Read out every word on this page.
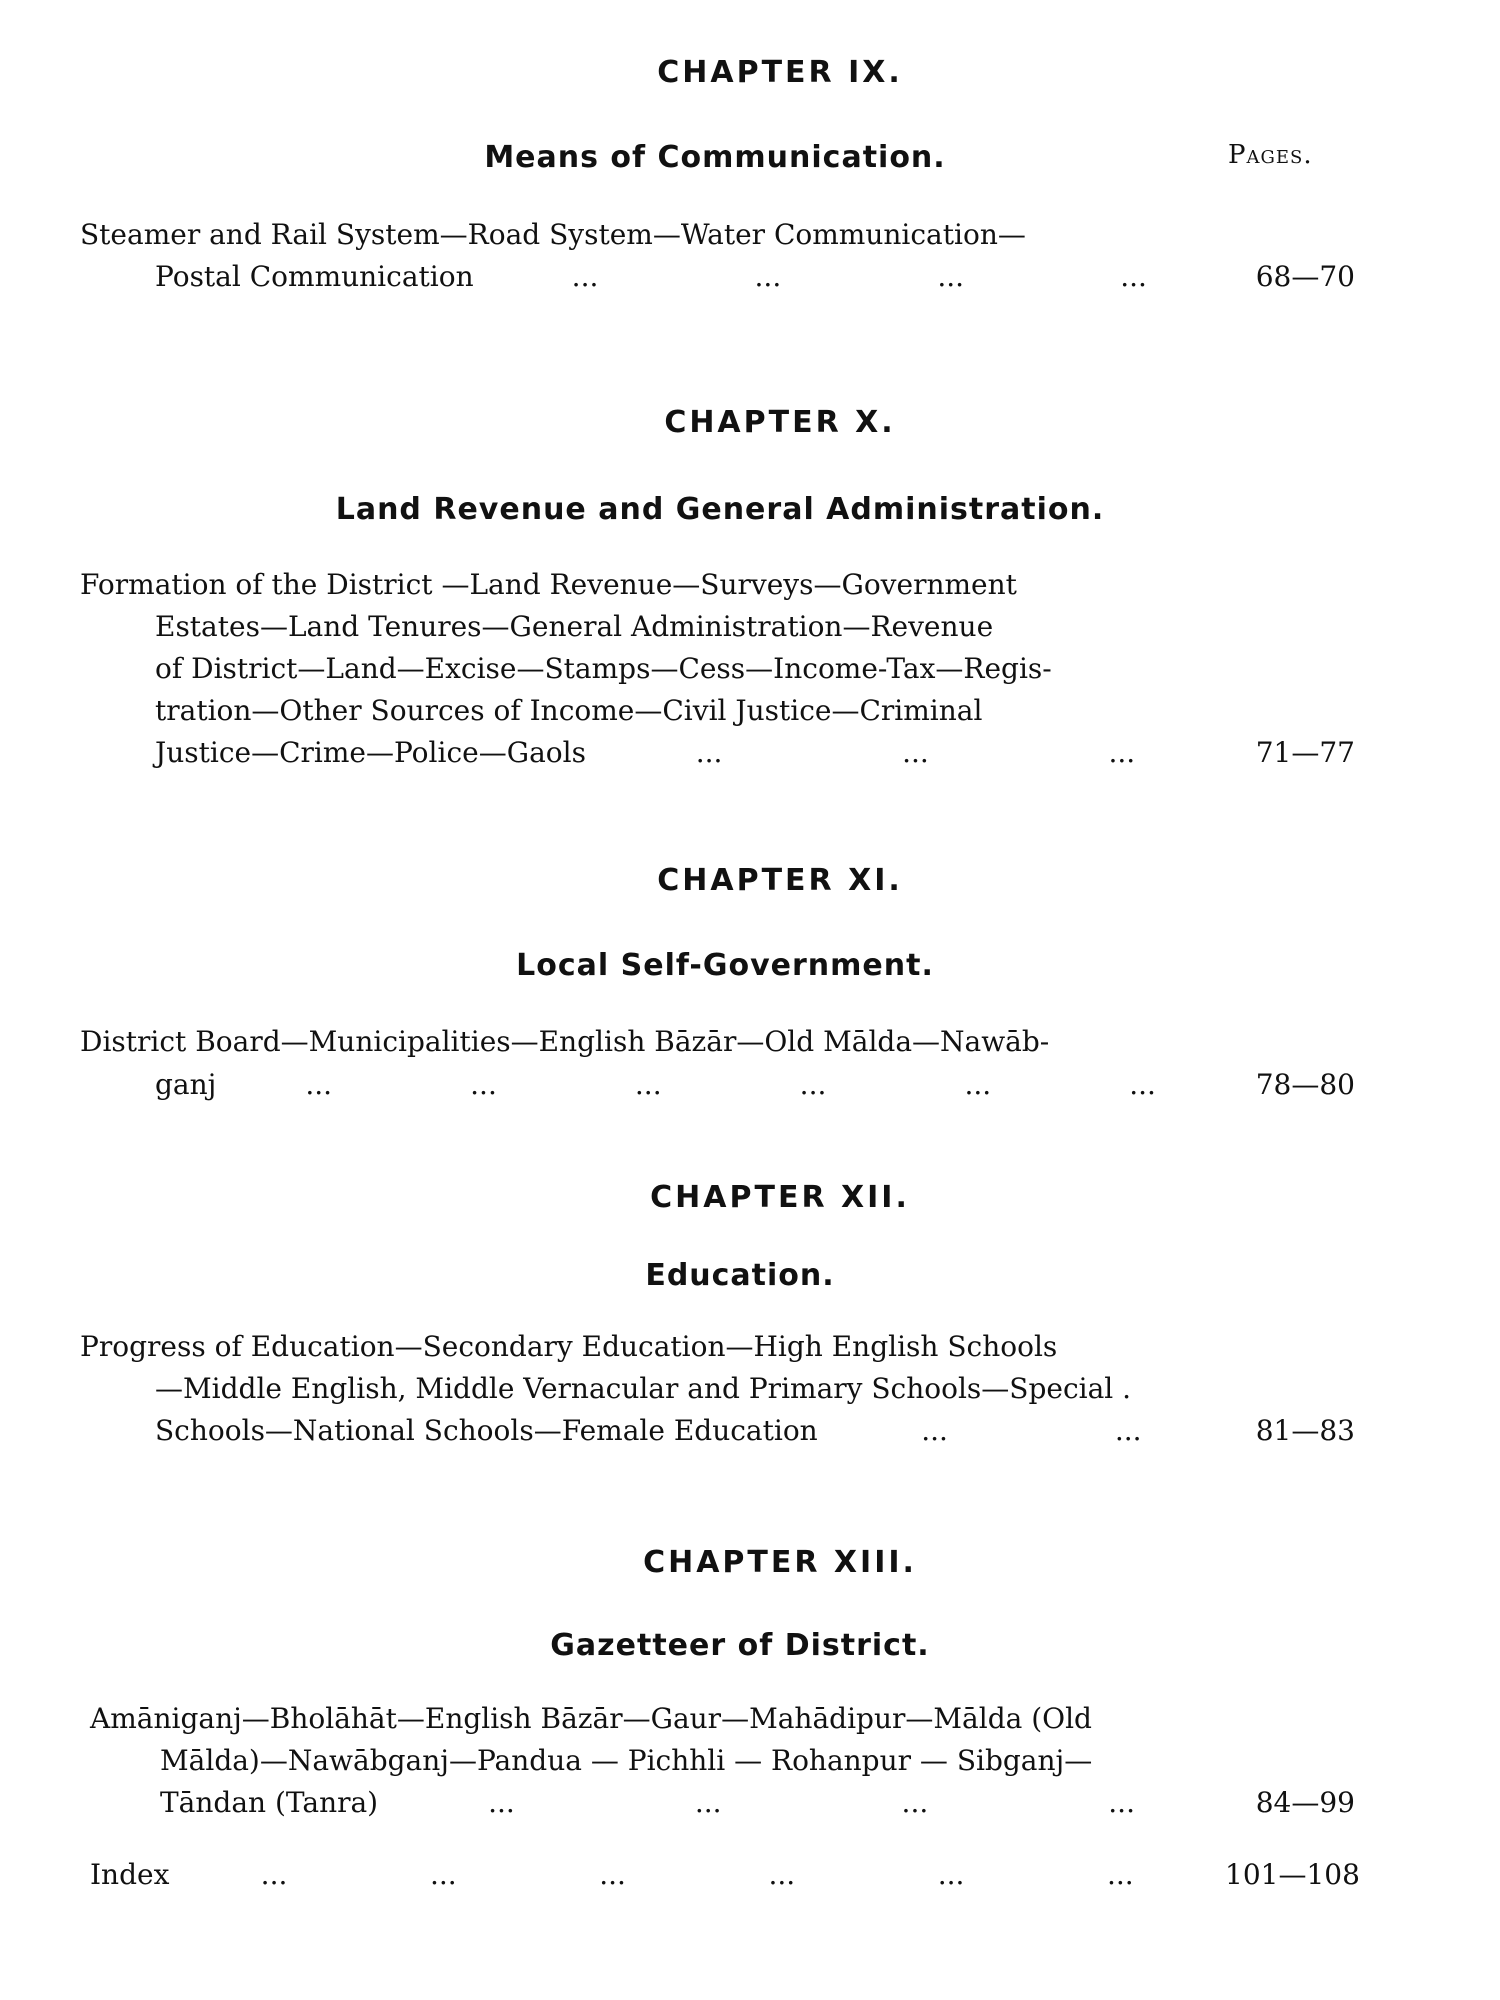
Pages.
CHAPTER IX.
Means of Communication.
Steamer and Rail System—Road System—Water Communication—
Postal Communication	...	...	...	...	68—70
CHAPTER X.
Land Revenue and General Administration.
Formation of the District —Land Revenue—Surveys—Government
Estates—Land Tenures—General Administration—Revenue
of District—Land—Excise—Stamps—Cess—Income-Tax—Regis-
tration—Other Sources of Income—Civil Justice—Criminal
Justice—Crime—Police—Gaols	...	...	...	71—77
CHAPTER XI.
Local Self-Government.
District Board—Municipalities—English Bāzār—Old Mālda—Nawāb-
ganj	...	...	...	...	...	...	78—80
CHAPTER XII.
Education.
Progress of Education—Secondary Education—High English Schools
—Middle English, Middle Vernacular and Primary Schools—Special .
Schools—National Schools—Female Education	...	...	81—83
CHAPTER XIII.
Gazetteer of District.
Amāniganj—Bholāhāt—English Bāzār—Gaur—Mahādipur—Mālda (Old
Mālda)—Nawābganj—Pandua — Pichhli — Rohanpur — Sibganj—
Tāndan (Tanra)	...	...	...	...	84—99
Index	...	...	...	...	...	...	101—108
